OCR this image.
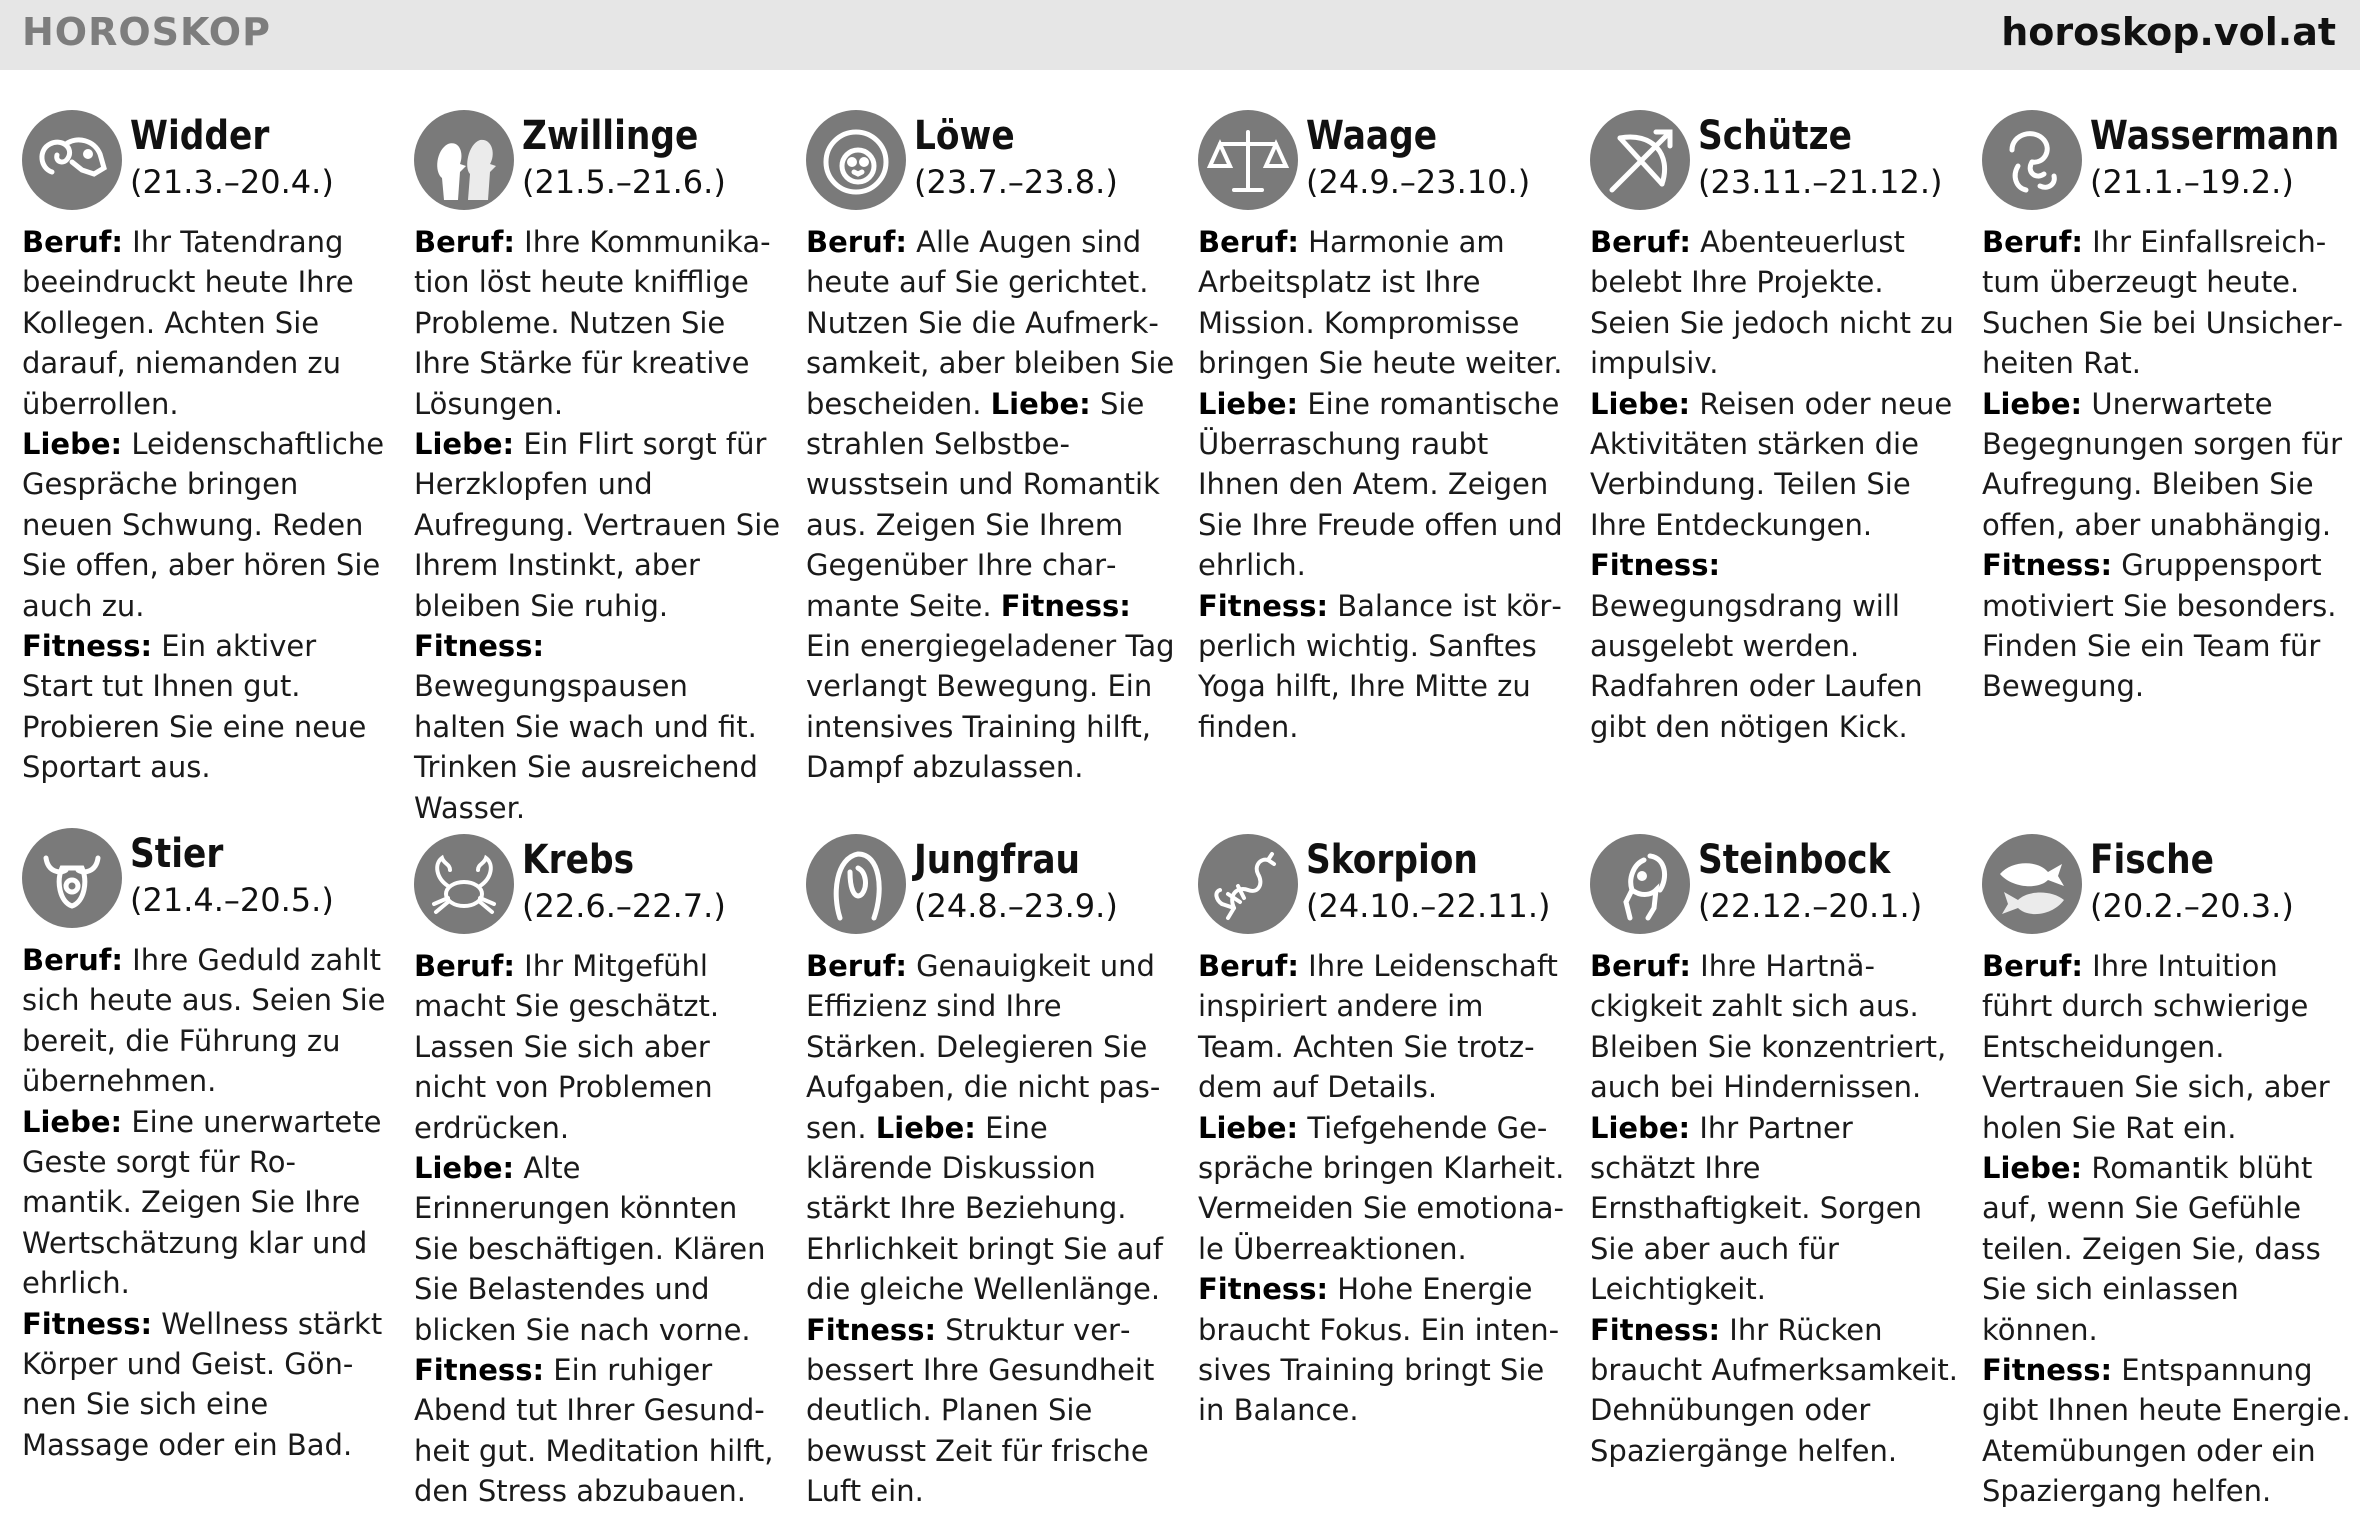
HOROSKOP	horoskop.vol.at
Widder
(21.3.–20.4.)
Beruf: Ihr Tatendrang beeindruckt heute Ihre Kollegen. Achten Sie darauf, niemanden zu überrollen.
Liebe: Leidenschaftliche Gespräche bringen neuen Schwung. Reden Sie offen, aber hören Sie auch zu.
Fitness: Ein aktiver Start tut Ihnen gut. Probieren Sie eine neue Sportart aus.
Zwillinge
(21.5.–21.6.)
Beruf: Ihre Kommunikation löst heute knifflige Probleme. Nutzen Sie Ihre Stärke für kreative Lösungen.
Liebe: Ein Flirt sorgt für Herzklopfen und Aufregung. Vertrauen Sie Ihrem Instinkt, aber bleiben Sie ruhig.
Fitness: Bewegungspausen halten Sie wach und fit. Trinken Sie ausreichend Wasser.
Löwe
(23.7.–23.8.)
Beruf: Alle Augen sind heute auf Sie gerichtet. Nutzen Sie die Aufmerksamkeit, aber bleiben Sie bescheiden. Liebe: Sie strahlen Selbstbewusstsein und Romantik aus. Zeigen Sie Ihrem Gegenüber Ihre charmante Seite. Fitness: Ein energiegeladener Tag verlangt Bewegung. Ein intensives Training hilft, Dampf abzulassen.
Waage
(24.9.–23.10.)
Beruf: Harmonie am Arbeitsplatz ist Ihre Mission. Kompromisse bringen Sie heute weiter.
Liebe: Eine romantische Überraschung raubt Ihnen den Atem. Zeigen Sie Ihre Freude offen und ehrlich.
Fitness: Balance ist körperlich wichtig. Sanftes Yoga hilft, Ihre Mitte zu finden.
Schütze
(23.11.–21.12.)
Beruf: Abenteuerlust belebt Ihre Projekte. Seien Sie jedoch nicht zu impulsiv.
Liebe: Reisen oder neue Aktivitäten stärken die Verbindung. Teilen Sie Ihre Entdeckungen.
Fitness: Bewegungsdrang will ausgelebt werden. Radfahren oder Laufen gibt den nötigen Kick.
Wassermann
(21.1.–19.2.)
Beruf: Ihr Einfallsreichtum überzeugt heute. Suchen Sie bei Unsicherheiten Rat.
Liebe: Unerwartete Begegnungen sorgen für Aufregung. Bleiben Sie offen, aber unabhängig.
Fitness: Gruppensport motiviert Sie besonders. Finden Sie ein Team für Bewegung.
Stier
(21.4.–20.5.)
Beruf: Ihre Geduld zahlt sich heute aus. Seien Sie bereit, die Führung zu übernehmen.
Liebe: Eine unerwartete Geste sorgt für Romantik. Zeigen Sie Ihre Wertschätzung klar und ehrlich.
Fitness: Wellness stärkt Körper und Geist. Gönnen Sie sich eine Massage oder ein Bad.
Krebs
(22.6.–22.7.)
Beruf: Ihr Mitgefühl macht Sie geschätzt. Lassen Sie sich aber nicht von Problemen erdrücken.
Liebe: Alte Erinnerungen könnten Sie beschäftigen. Klären Sie Belastendes und blicken Sie nach vorne.
Fitness: Ein ruhiger Abend tut Ihrer Gesundheit gut. Meditation hilft, den Stress abzubauen.
Jungfrau
(24.8.–23.9.)
Beruf: Genauigkeit und Effizienz sind Ihre Stärken. Delegieren Sie Aufgaben, die nicht passen. Liebe: Eine klärende Diskussion stärkt Ihre Beziehung. Ehrlichkeit bringt Sie auf die gleiche Wellenlänge.
Fitness: Struktur verbessert Ihre Gesundheit deutlich. Planen Sie bewusst Zeit für frische Luft ein.
Skorpion
(24.10.–22.11.)
Beruf: Ihre Leidenschaft inspiriert andere im Team. Achten Sie trotzdem auf Details.
Liebe: Tiefgehende Gespräche bringen Klarheit. Vermeiden Sie emotionale Überreaktionen.
Fitness: Hohe Energie braucht Fokus. Ein intensives Training bringt Sie in Balance.
Steinbock
(22.12.–20.1.)
Beruf: Ihre Hartnäckigkeit zahlt sich aus. Bleiben Sie konzentriert, auch bei Hindernissen.
Liebe: Ihr Partner schätzt Ihre Ernsthaftigkeit. Sorgen Sie aber auch für Leichtigkeit.
Fitness: Ihr Rücken braucht Aufmerksamkeit. Dehnübungen oder Spaziergänge helfen.
Fische
(20.2.–20.3.)
Beruf: Ihre Intuition führt durch schwierige Entscheidungen. Vertrauen Sie sich, aber holen Sie Rat ein.
Liebe: Romantik blüht auf, wenn Sie Gefühle teilen. Zeigen Sie, dass Sie sich einlassen können.
Fitness: Entspannung gibt Ihnen heute Energie. Atemübungen oder ein Spaziergang helfen.
